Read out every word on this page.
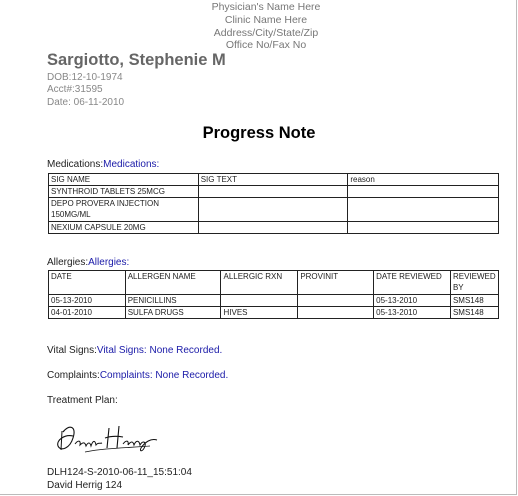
Physician's Name Here
Clinic Name Here
Address/City/State/Zip
Office No/Fax No
Sargiotto, Stephenie M
DOB:12-10-1974
Acct#:31595
Date: 06-11-2010
Progress Note
Medications:Medications:
SIG NAME	SIG TEXT	reason
SYNTHROID TABLETS 25MCG		
DEPO PROVERA INJECTION 150MG/ML		
NEXIUM CAPSULE 20MG		
Allergies:Allergies:
DATE	ALLERGEN NAME	ALLERGIC RXN	PROVINIT	DATE REVIEWED	REVIEWED BY
05-13-2010	PENICILLINS			05-13-2010	SMS148
04-01-2010	SULFA DRUGS	HIVES		05-13-2010	SMS148
Vital Signs:Vital Signs: None Recorded.
Complaints:Complaints: None Recorded.
Treatment Plan:
DLH124-S-2010-06-11_15:51:04
David Herrig 124
